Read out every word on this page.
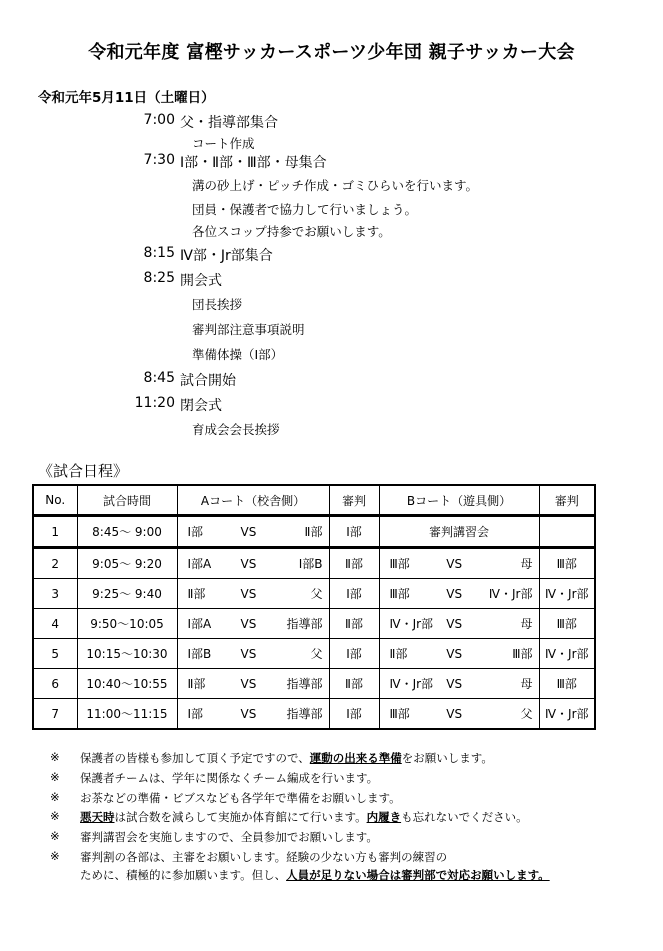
令和元年度 富樫サッカースポーツ少年団 親子サッカー大会
令和元年5月11日（土曜日）
7:00 父・指導部集合
コート作成
7:30 Ⅰ部・Ⅱ部・Ⅲ部・母集合
溝の砂上げ・ピッチ作成・ゴミひらいを行います。
団員・保護者で協力して行いましょう。
各位スコップ持参でお願いします。
8:15 Ⅳ部・Jr部集合
8:25 開会式
団長挨拶
審判部注意事項説明
準備体操（Ⅰ部）
8:45 試合開始
11:20 閉会式
育成会会長挨拶
《試合日程》
No.	試合時間	Aコート（校舎側）	審判	Bコート（遊具側）	審判
1	8:45～ 9:00	Ⅰ部 VS Ⅱ部	Ⅰ部	審判講習会	
2	9:05～ 9:20	Ⅰ部A VS Ⅰ部B	Ⅱ部	Ⅲ部 VS 母	Ⅲ部
3	9:25～ 9:40	Ⅱ部 VS 父	Ⅰ部	Ⅲ部 VS Ⅳ・Jr部	Ⅳ・Jr部
4	9:50～10:05	Ⅰ部A VS 指導部	Ⅱ部	Ⅳ・Jr部 VS 母	Ⅲ部
5	10:15～10:30	Ⅰ部B VS 父	Ⅰ部	Ⅱ部 VS Ⅲ部	Ⅳ・Jr部
6	10:40～10:55	Ⅱ部 VS 指導部	Ⅱ部	Ⅳ・Jr部 VS 母	Ⅲ部
7	11:00～11:15	Ⅰ部 VS 指導部	Ⅰ部	Ⅲ部 VS 父	Ⅳ・Jr部
※ 保護者の皆様も参加して頂く予定ですので、運動の出来る準備をお願いします。
※ 保護者チームは、学年に関係なくチーム編成を行います。
※ お茶などの準備・ビブスなども各学年で準備をお願いします。
※ 悪天時は試合数を減らして実施か体育館にて行います。内履きも忘れないでください。
※ 審判講習会を実施しますので、全員参加でお願いします。
※ 審判割の各部は、主審をお願いします。経験の少ない方も審判の練習の
ために、積極的に参加願います。但し、人員が足りない場合は審判部で対応お願いします。
